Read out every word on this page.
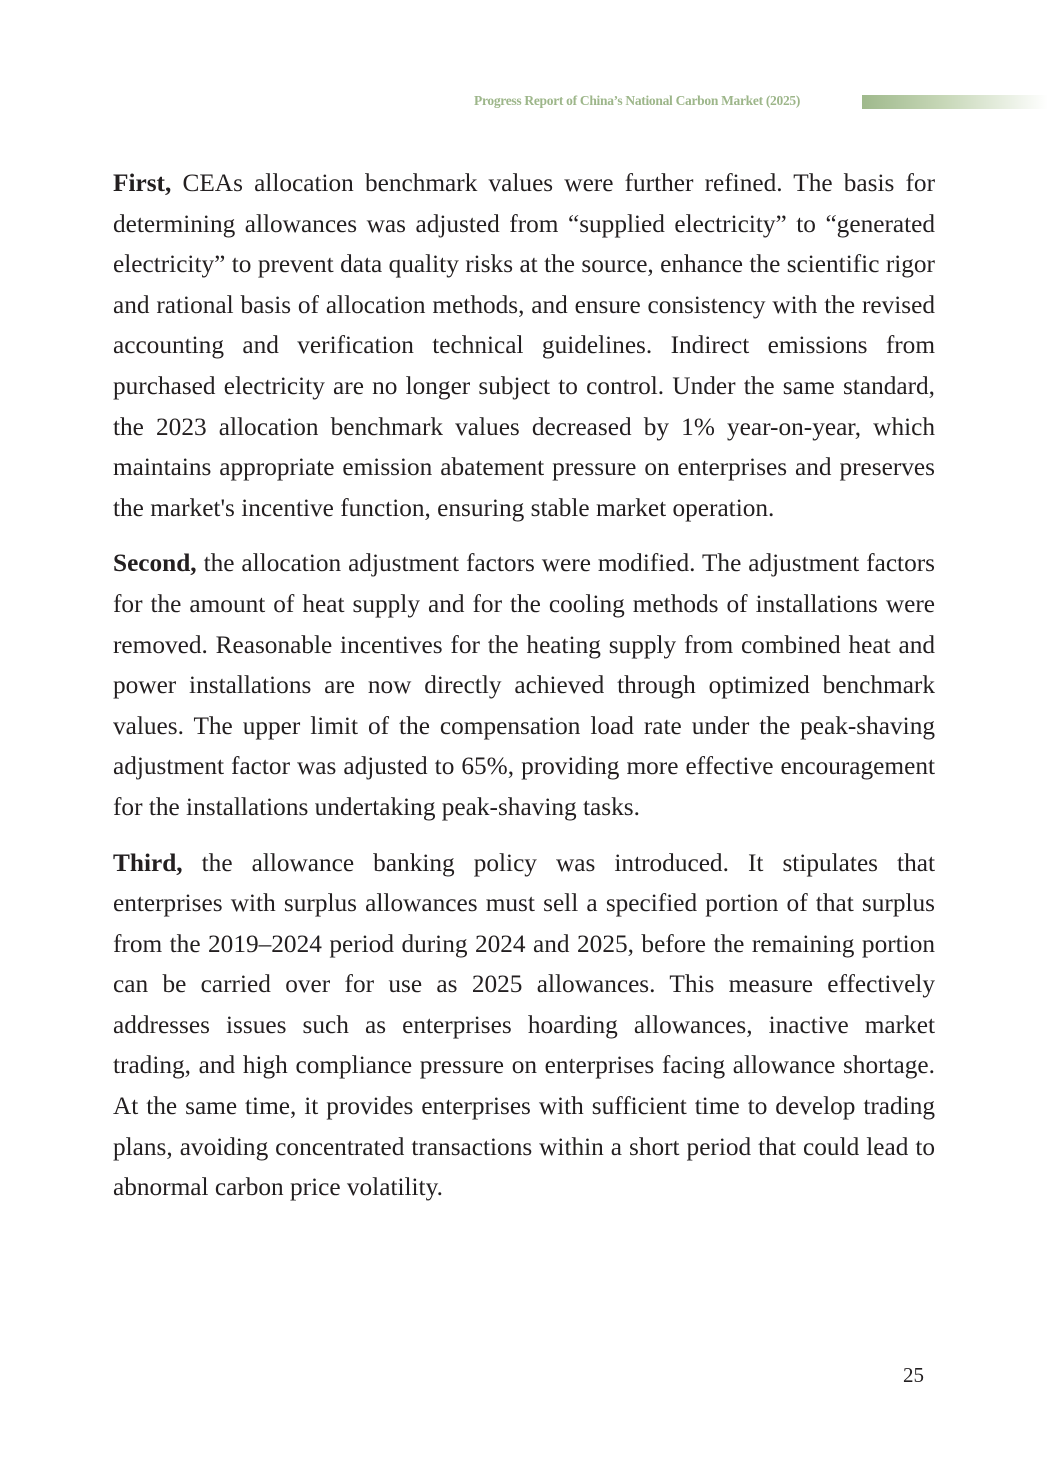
Progress Report of China’s National Carbon Market (2025)

First, CEAs allocation benchmark values were further refined. The basis for determining allowances was adjusted from “supplied electricity” to “generated electricity” to prevent data quality risks at the source, enhance the scientific rigor and rational basis of allocation methods, and ensure consistency with the revised accounting and verification technical guidelines. Indirect emissions from purchased electricity are no longer subject to control. Under the same standard, the 2023 allocation benchmark values decreased by 1% year-on-year, which maintains appropriate emission abatement pressure on enterprises and preserves the market's incentive function, ensuring stable market operation.

Second, the allocation adjustment factors were modified. The adjustment factors for the amount of heat supply and for the cooling methods of installations were removed. Reasonable incentives for the heating supply from combined heat and power installations are now directly achieved through optimized benchmark values. The upper limit of the compensation load rate under the peak-shaving adjustment factor was adjusted to 65%, providing more effective encouragement for the installations undertaking peak-shaving tasks.

Third, the allowance banking policy was introduced. It stipulates that enterprises with surplus allowances must sell a specified portion of that surplus from the 2019–2024 period during 2024 and 2025, before the remaining portion can be carried over for use as 2025 allowances. This measure effectively addresses issues such as enterprises hoarding allowances, inactive market trading, and high compliance pressure on enterprises facing allowance shortage. At the same time, it provides enterprises with sufficient time to develop trading plans, avoiding concentrated transactions within a short period that could lead to abnormal carbon price volatility.

25
